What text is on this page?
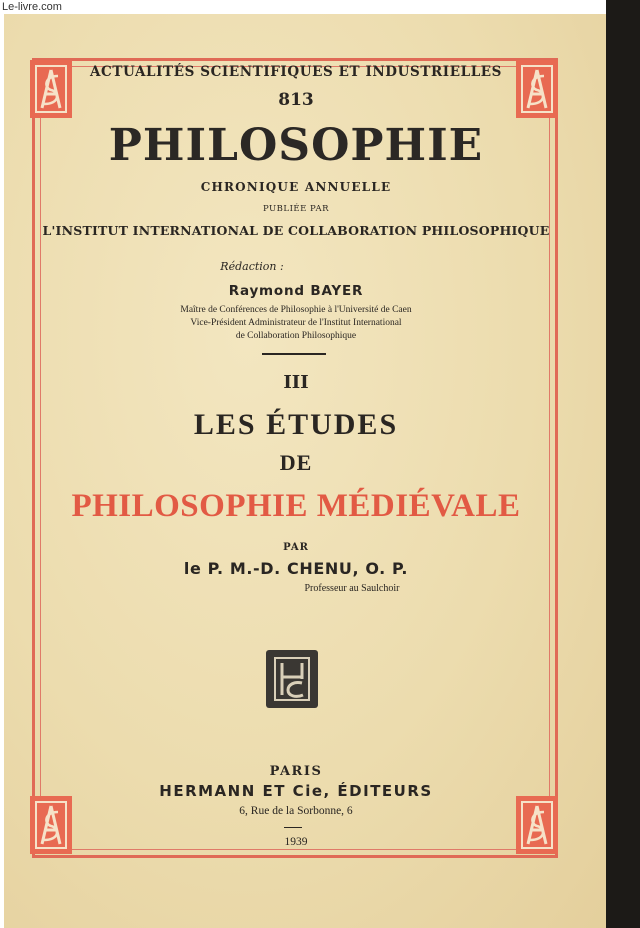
Le-livre.com
ACTUALITÉS SCIENTIFIQUES ET INDUSTRIELLES
813
PHILOSOPHIE
CHRONIQUE ANNUELLE
PUBLIÉE PAR
L'INSTITUT INTERNATIONAL DE COLLABORATION PHILOSOPHIQUE
Rédaction :
Raymond BAYER
Maître de Conférences de Philosophie à l'Université de Caen
Vice-Président Administrateur de l'Institut International
de Collaboration Philosophique
III
LES ÉTUDES
DE
PHILOSOPHIE MÉDIÉVALE
PAR
le P. M.-D. CHENU, O. P.
Professeur au Saulchoir
PARIS
HERMANN ET Cie, ÉDITEURS
6, Rue de la Sorbonne, 6
1939
